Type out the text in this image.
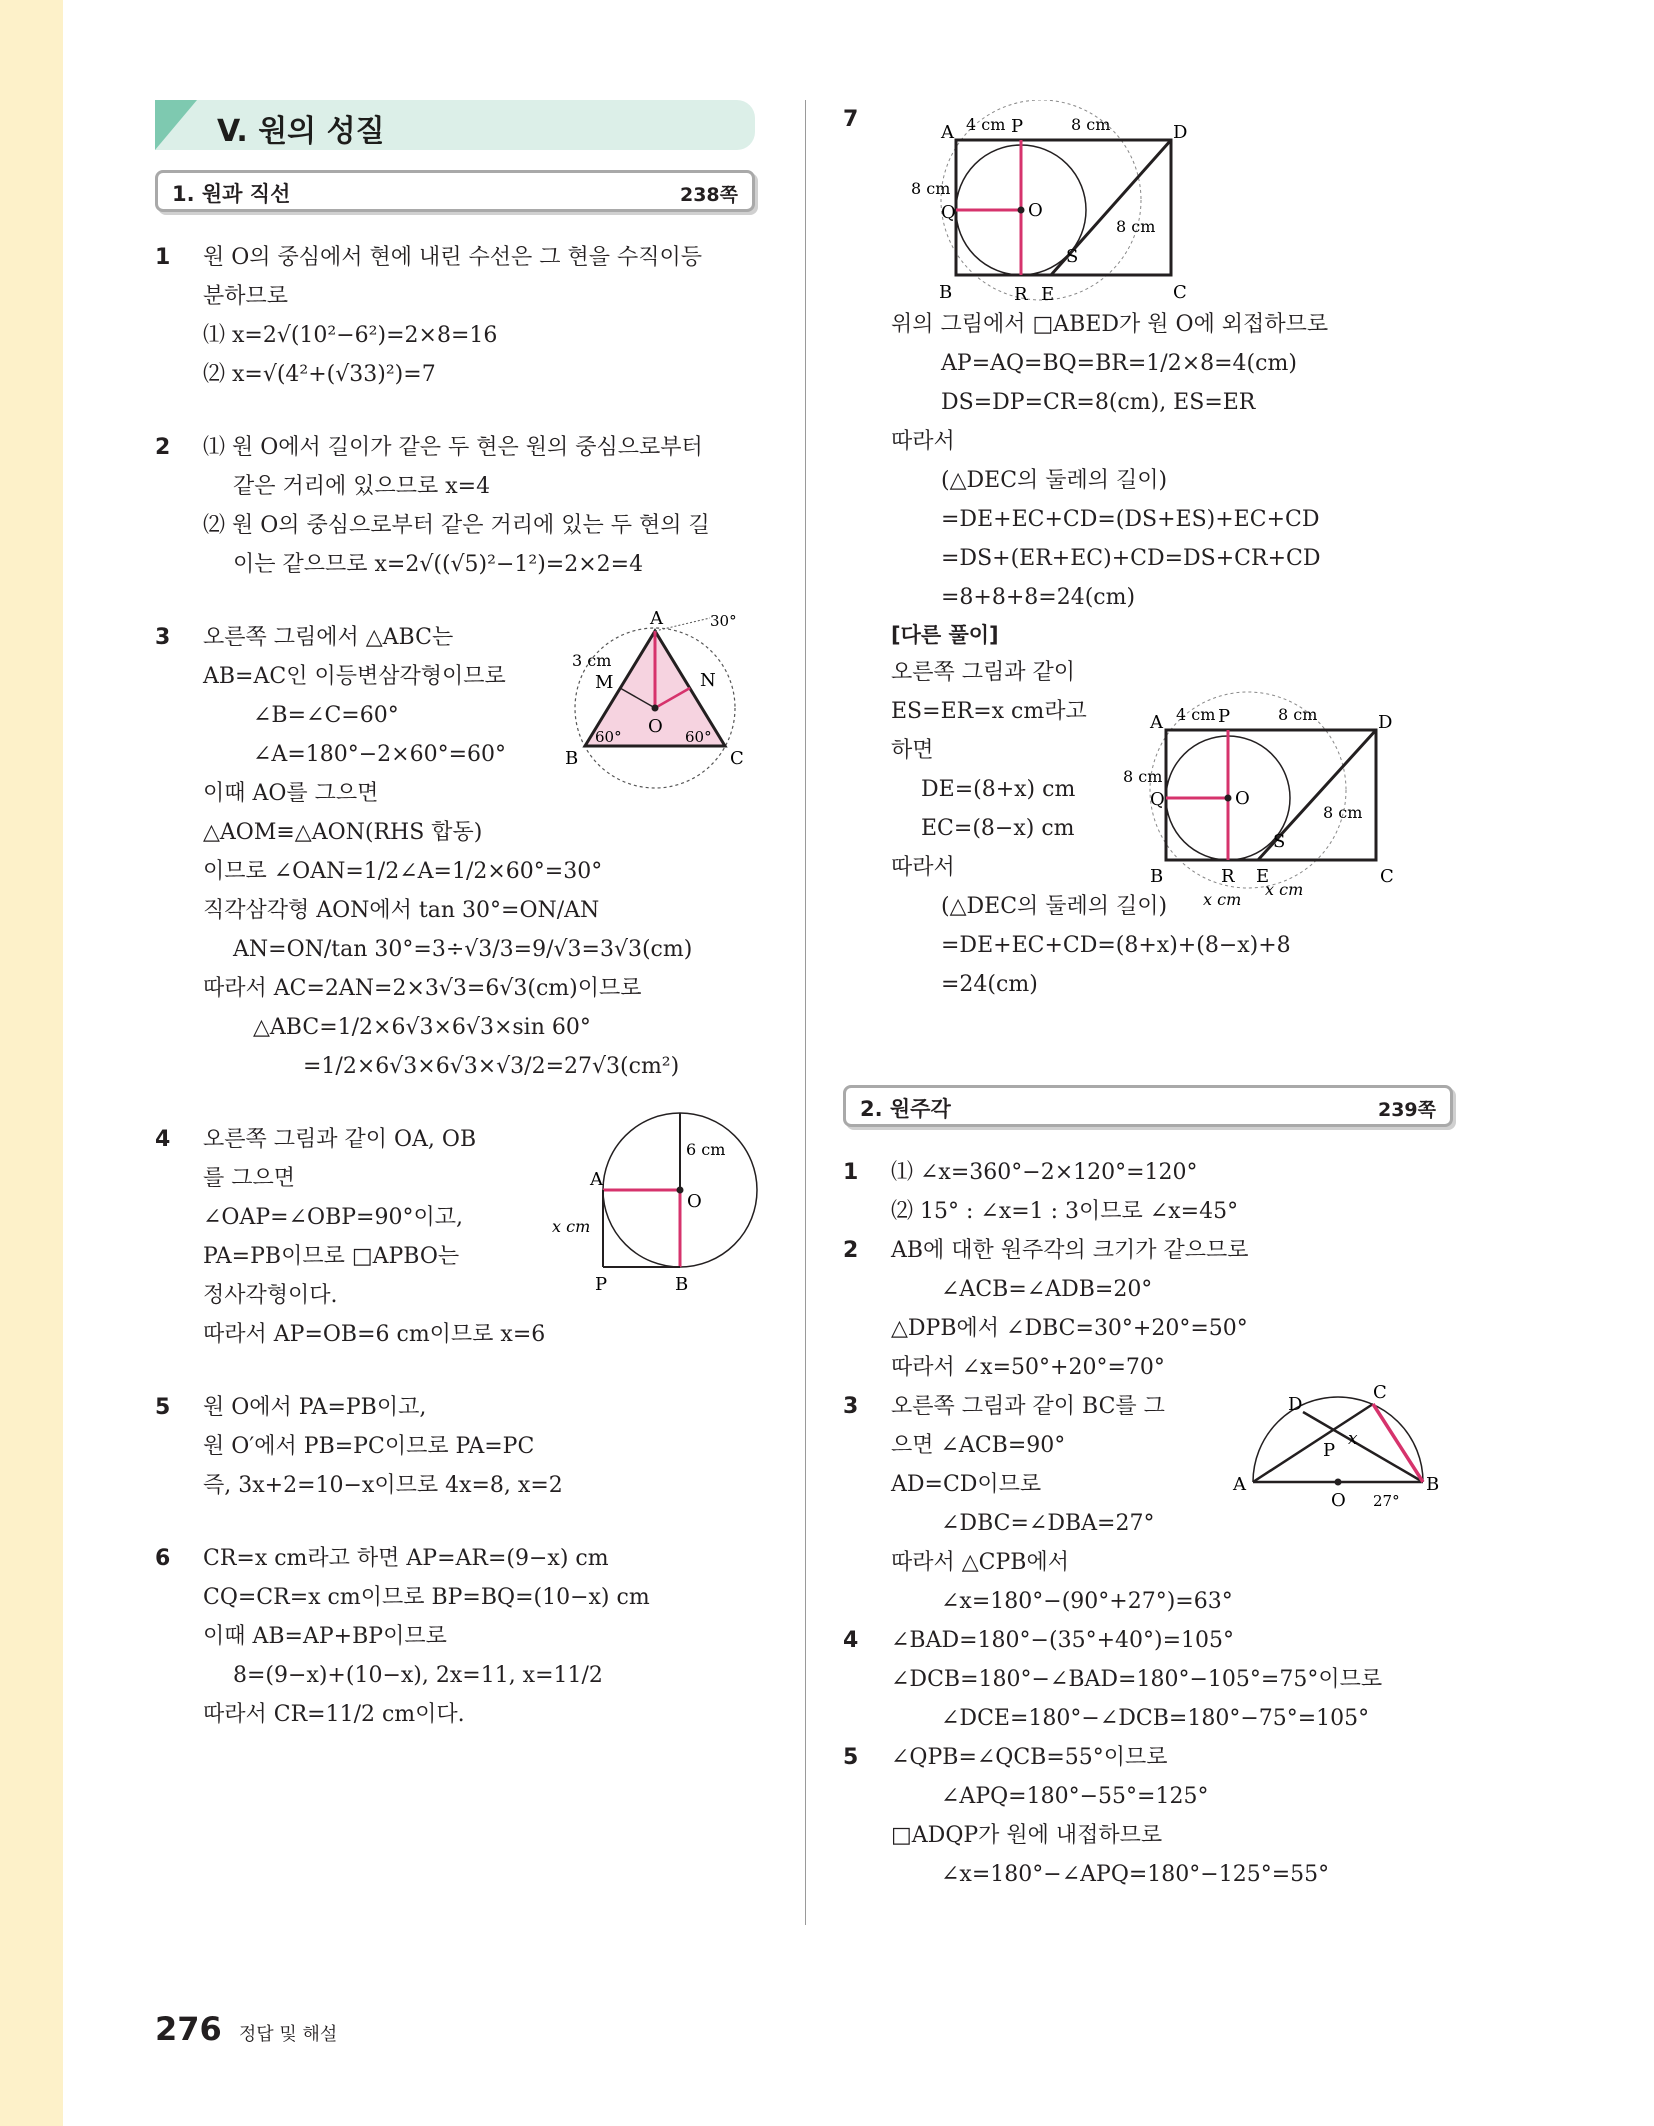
V. 원의 성질
1. 원과 직선	238쪽
1 원 O의 중심에서 현에 내린 수선은 그 현을 수직이등
분하므로
⑴ x=2√(10²−6²)=2×8=16
⑵ x=√(4²+(√33)²)=7
2 ⑴ 원 O에서 길이가 같은 두 현은 원의 중심으로부터
같은 거리에 있으므로 x=4
⑵ 원 O의 중심으로부터 같은 거리에 있는 두 현의 길
이는 같으므로 x=2√((√5)²−1²)=2×2=4
3 오른쪽 그림에서 △ABC는
AB=AC인 이등변삼각형이므로
∠B=∠C=60°
∠A=180°−2×60°=60°
이때 AO를 그으면
△AOM≡△AON(RHS 합동)
이므로 ∠OAN=1/2∠A=1/2×60°=30°
직각삼각형 AON에서 tan 30°=ON/AN
AN=ON/tan 30°=3÷√3/3=9/√3=3√3(cm)
따라서 AC=2AN=2×3√3=6√3(cm)이므로
△ABC=1/2×6√3×6√3×sin 60°
=1/2×6√3×6√3×√3/2=27√3(cm²)
A
B	C
M	N
O
30°
60°	60°
3 cm
4 오른쪽 그림과 같이 OA, OB
를 그으면
∠OAP=∠OBP=90°이고,
PA=PB이므로 □APBO는
정사각형이다.
따라서 AP=OB=6 cm이므로 x=6
A
O
P	B
6 cm
x cm
5 원 O에서 PA=PB이고,
원 O′에서 PB=PC이므로 PA=PC
즉, 3x+2=10−x이므로 4x=8, x=2
6 CR=x cm라고 하면 AP=AR=(9−x) cm
CQ=CR=x cm이므로 BP=BQ=(10−x) cm
이때 AB=AP+BP이므로
8=(9−x)+(10−x), 2x=11, x=11/2
따라서 CR=11/2 cm이다.
7
A	P	D
Q	O
S
B	R E	C
4 cm	8 cm
8 cm
8 cm
위의 그림에서 □ABED가 원 O에 외접하므로
AP=AQ=BQ=BR=1/2×8=4(cm)
DS=DP=CR=8(cm), ES=ER
따라서
(△DEC의 둘레의 길이)
=DE+EC+CD=(DS+ES)+EC+CD
=DS+(ER+EC)+CD=DS+CR+CD
=8+8+8=24(cm)
[다른 풀이]
오른쪽 그림과 같이
ES=ER=x cm라고
하면
DE=(8+x) cm
EC=(8−x) cm
따라서
(△DEC의 둘레의 길이)
=DE+EC+CD=(8+x)+(8−x)+8
=24(cm)
A	P	D
Q	O
S
B	R E	C
4 cm	8 cm
8 cm
8 cm
x cm
x cm
2. 원주각	239쪽
1 ⑴ ∠x=360°−2×120°=120°
⑵ 15° : ∠x=1 : 3이므로 ∠x=45°
2 AB에 대한 원주각의 크기가 같으므로
∠ACB=∠ADB=20°
△DPB에서 ∠DBC=30°+20°=50°
따라서 ∠x=50°+20°=70°
3 오른쪽 그림과 같이 BC를 그
으면 ∠ACB=90°
AD=CD이므로
∠DBC=∠DBA=27°
따라서 △CPB에서
∠x=180°−(90°+27°)=63°
A	B
C
D
P
O
x
27°
4 ∠BAD=180°−(35°+40°)=105°
∠DCB=180°−∠BAD=180°−105°=75°이므로
∠DCE=180°−∠DCB=180°−75°=105°
5 ∠QPB=∠QCB=55°이므로
∠APQ=180°−55°=125°
□ADQP가 원에 내접하므로
∠x=180°−∠APQ=180°−125°=55°
276 정답 및 해설
